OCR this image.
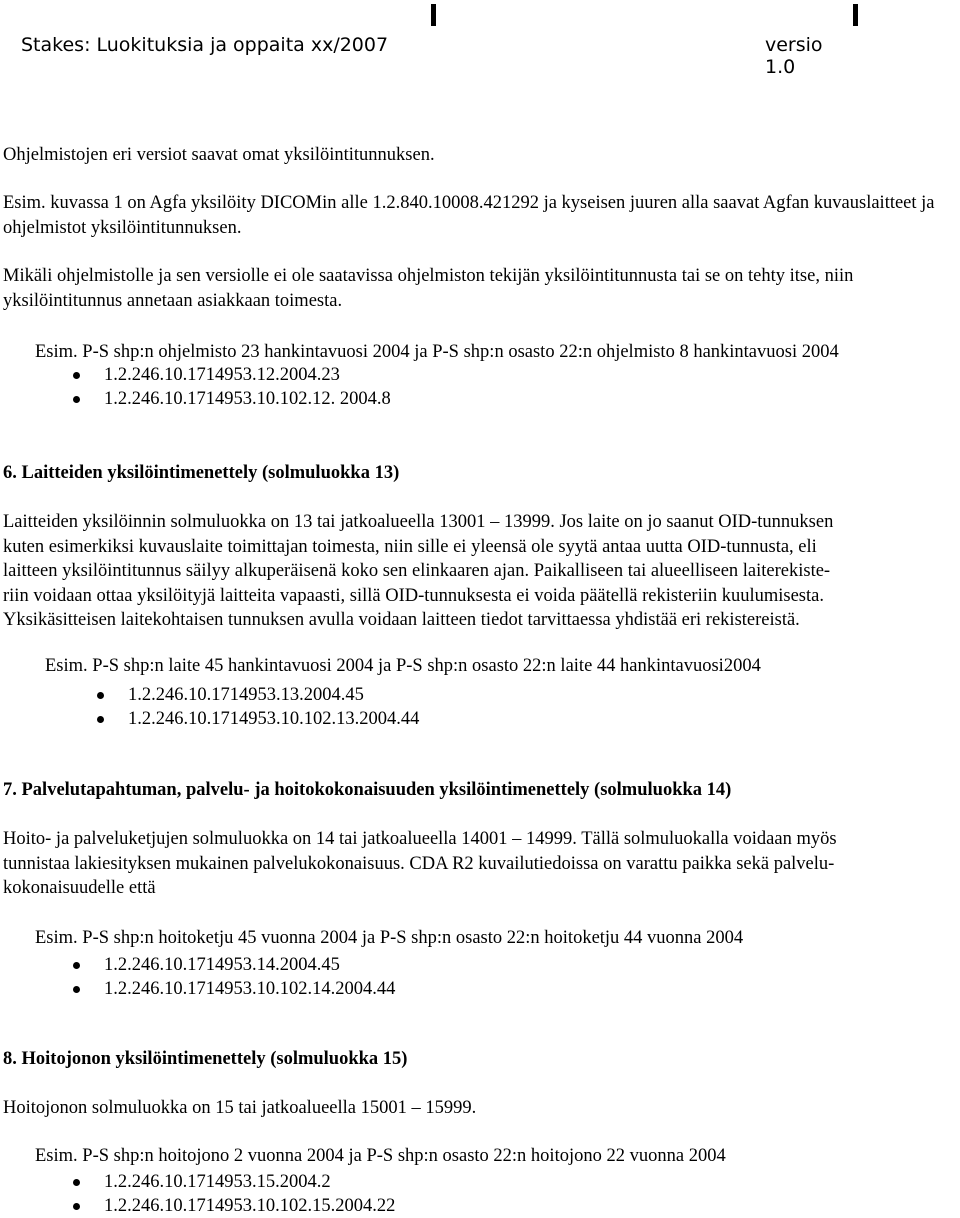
Stakes: Luokituksia ja oppaita xx/2007	versio 1.0

Ohjelmistojen eri versiot saavat omat yksilöintitunnuksen.

Esim. kuvassa 1 on Agfa yksilöity DICOMin alle 1.2.840.10008.421292 ja kyseisen juuren alla saavat Agfan kuvauslaitteet ja ohjelmistot yksilöintitunnuksen.

Mikäli ohjelmistolle ja sen versiolle ei ole saatavissa ohjelmiston tekijän yksilöintitunnusta tai se on tehty itse, niin yksilöintitunnus annetaan asiakkaan toimesta.

Esim. P-S shp:n ohjelmisto 23 hankintavuosi 2004 ja P-S shp:n osasto 22:n ohjelmisto 8 hankintavuosi 2004

1.2.246.10.1714953.12.2004.23
1.2.246.10.1714953.10.102.12. 2004.8

6. Laitteiden yksilöintimenettely (solmuluokka 13)

Laitteiden yksilöinnin solmuluokka on 13 tai jatkoalueella 13001 – 13999. Jos laite on jo saanut OID-tunnuksen
kuten esimerkiksi kuvauslaite toimittajan toimesta, niin sille ei yleensä ole syytä antaa uutta OID-tunnusta, eli
laitteen yksilöintitunnus säilyy alkuperäisenä koko sen elinkaaren ajan. Paikalliseen tai alueelliseen laiterekiste-
riin voidaan ottaa yksilöityjä laitteita vapaasti, sillä OID-tunnuksesta ei voida päätellä rekisteriin kuulumisesta.
Yksikäsitteisen laitekohtaisen tunnuksen avulla voidaan laitteen tiedot tarvittaessa yhdistää eri rekistereistä.

Esim. P-S shp:n laite 45 hankintavuosi 2004 ja P-S shp:n osasto 22:n laite 44 hankintavuosi2004

1.2.246.10.1714953.13.2004.45
1.2.246.10.1714953.10.102.13.2004.44

7. Palvelutapahtuman, palvelu- ja hoitokokonaisuuden yksilöintimenettely (solmuluokka 14)

Hoito- ja palveluketjujen solmuluokka on 14 tai jatkoalueella 14001 – 14999. Tällä solmuluokalla voidaan myös
tunnistaa lakiesityksen mukainen palvelukokonaisuus. CDA R2 kuvailutiedoissa on varattu paikka sekä palvelu-
kokonaisuudelle että

Esim. P-S shp:n hoitoketju 45 vuonna 2004 ja P-S shp:n osasto 22:n hoitoketju 44 vuonna 2004

1.2.246.10.1714953.14.2004.45
1.2.246.10.1714953.10.102.14.2004.44

8. Hoitojonon yksilöintimenettely (solmuluokka 15)

Hoitojonon solmuluokka on 15 tai jatkoalueella 15001 – 15999.

Esim. P-S shp:n hoitojono 2 vuonna 2004 ja P-S shp:n osasto 22:n hoitojono 22 vuonna 2004

1.2.246.10.1714953.15.2004.2
1.2.246.10.1714953.10.102.15.2004.22
